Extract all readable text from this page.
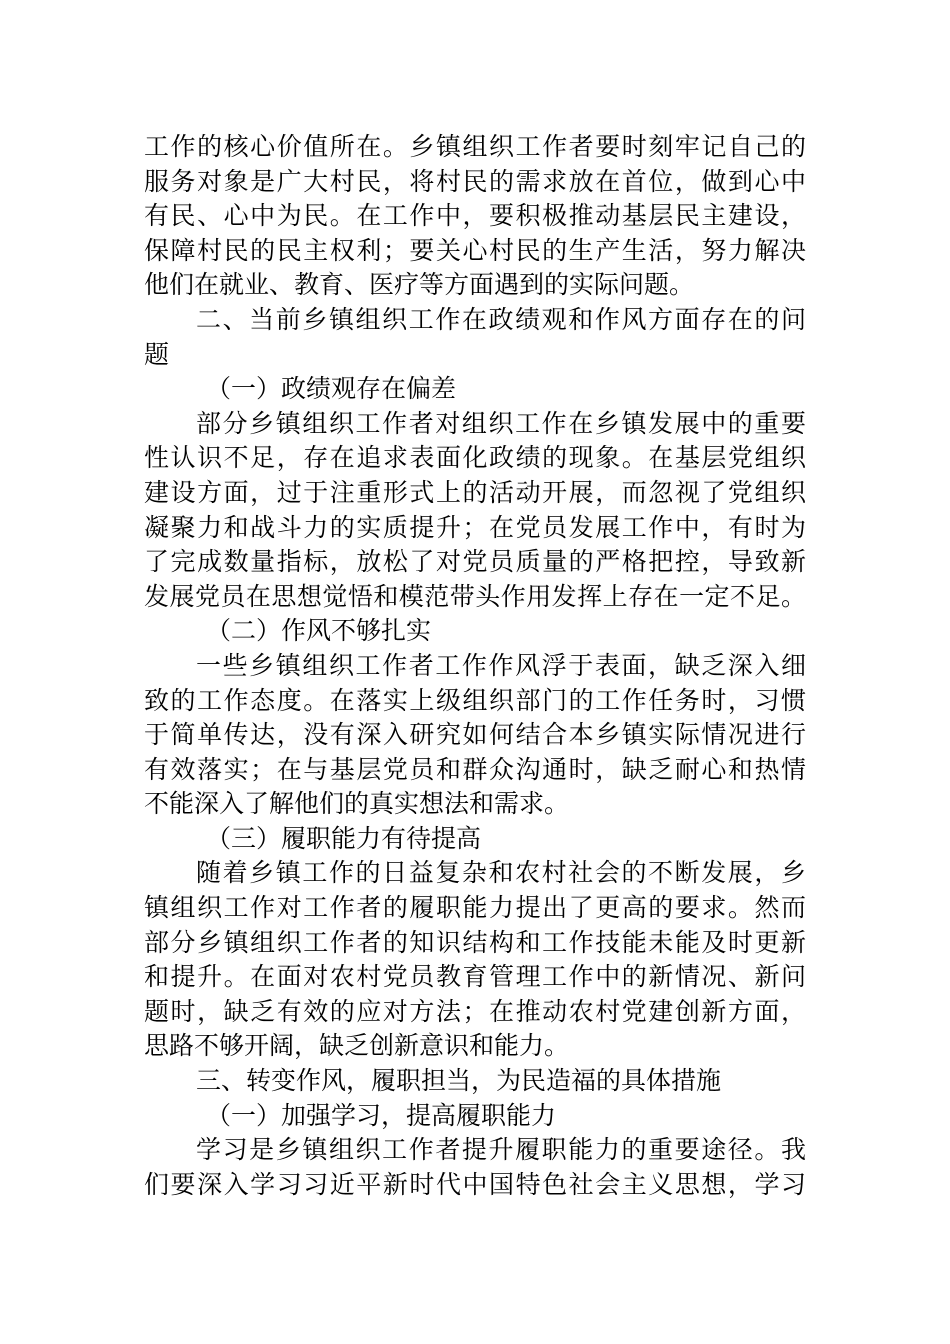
工作的核心价值所在。乡镇组织工作者要时刻牢记自己的
服务对象是广大村民，将村民的需求放在首位，做到心中
有民、心中为民。在工作中，要积极推动基层民主建设，
保障村民的民主权利；要关心村民的生产生活，努力解决
他们在就业、教育、医疗等方面遇到的实际问题。
二、当前乡镇组织工作在政绩观和作风方面存在的问
题
（一）政绩观存在偏差
部分乡镇组织工作者对组织工作在乡镇发展中的重要
性认识不足，存在追求表面化政绩的现象。在基层党组织
建设方面，过于注重形式上的活动开展，而忽视了党组织
凝聚力和战斗力的实质提升；在党员发展工作中，有时为
了完成数量指标，放松了对党员质量的严格把控，导致新
发展党员在思想觉悟和模范带头作用发挥上存在一定不足。
（二）作风不够扎实
一些乡镇组织工作者工作作风浮于表面，缺乏深入细
致的工作态度。在落实上级组织部门的工作任务时，习惯
于简单传达，没有深入研究如何结合本乡镇实际情况进行
有效落实；在与基层党员和群众沟通时，缺乏耐心和热情
不能深入了解他们的真实想法和需求。
（三）履职能力有待提高
随着乡镇工作的日益复杂和农村社会的不断发展，乡
镇组织工作对工作者的履职能力提出了更高的要求。然而
部分乡镇组织工作者的知识结构和工作技能未能及时更新
和提升。在面对农村党员教育管理工作中的新情况、新问
题时，缺乏有效的应对方法；在推动农村党建创新方面，
思路不够开阔，缺乏创新意识和能力。
三、转变作风，履职担当，为民造福的具体措施
（一）加强学习，提高履职能力
学习是乡镇组织工作者提升履职能力的重要途径。我
们要深入学习习近平新时代中国特色社会主义思想，学习
